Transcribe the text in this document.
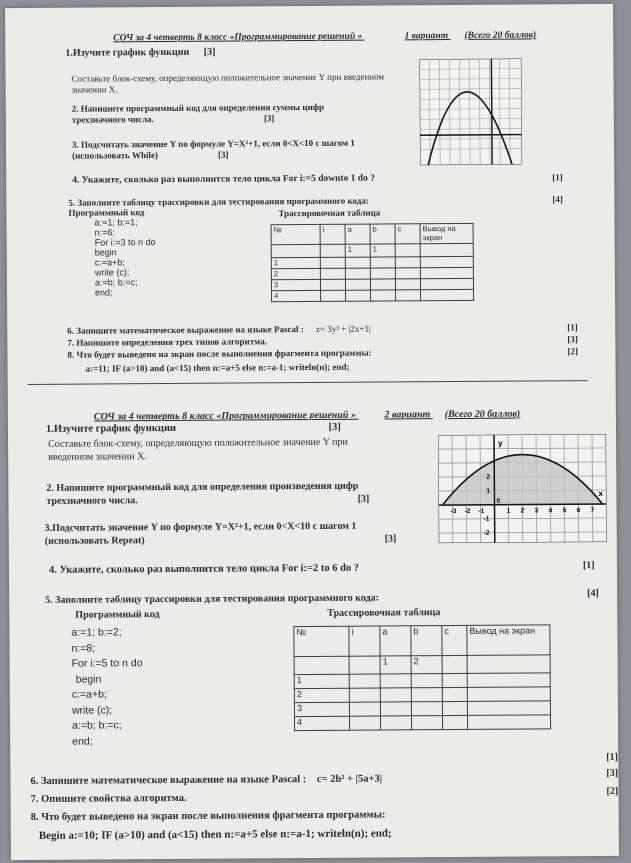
СОЧ за 4 четверть 8 класс «Программирование решений »	1 вариант (Всего 20 баллов)
1.Изучите график функции [3]
Составьте блок-схему, определяющую положительное значение Y при введенном значении X.
2. Напишите программный код для определения суммы цифр
трехзначного числа.	[3]
3. Подсчитать значение Y по формуле Y=X²+1, если 0<X<10 с шагом 1
(использовать While)	[3]
4. Укажите, сколько раз выполнится тело цикла For i:=5 downto 1 do ?	[1]
5. Заполните таблицу трассировки для тестирования программного кода:	[4]
Программный код	Трассировочная таблица
a:=1; b:=1;
n:=6;
For i:=3 to n do
begin
c:=a+b;
write (c);
a:=b; b:=c;
end;
№	i	a	b	c	Вывод на экран
		1	1		
1					
2					
3					
4					
6. Запишите математическое выражение на языке Pascal : z= 3y³ + |2x+1|	[1]
7. Напишите определения трех типов алгоритма.	[3]
8. Что будет выведено на экран после выполнения фрагмента программы:	[2]
a:=11; IF (a>10) and (a<15) then n:=a+5 else n:=a-1; writeln(n); end;
СОЧ за 4 четверть 8 класс «Программирование решений »	2 вариант (Всего 20 баллов)
1.Изучите график функции	[3]
Составьте блок-схему, определяющую положительное значение Y при
введенном значении X.
2. Напишите программный код для определения произведения цифр
трехзначного числа.	[3]
3.Подсчитать значение Y по формуле Y=X²+1, если 0<X<10 с шагом 1
(использовать Repeat)	[3]
y
x
-3 -2 -1
0
1 2 3 4 5 6 7
2
1
-1
-2
4. Укажите, сколько раз выполнится тело цикла For i:=2 to 6 do ?	[1]
5. Заполните таблицу трассировки для тестирования программного кода:	[4]
Программный код	Трассировочная таблица
a:=1; b:=2;
n:=8;
For i:=5 to n do
begin
c:=a+b;
write (c);
a:=b; b:=c;
end;
№	i	a	b	c	Вывод на экран
		1	2		
1					
2					
3					
4					
6. Запишите математическое выражение на языке Pascal : c= 2b² + |5a+3|
[1]
7. Опишите свойства алгоритма.
[3]
8. Что будет выведено на экран после выполнения фрагмента программы:
[2]
Begin a:=10; IF (a>10) and (a<15) then n:=a+5 else n:=a-1; writeln(n); end;
